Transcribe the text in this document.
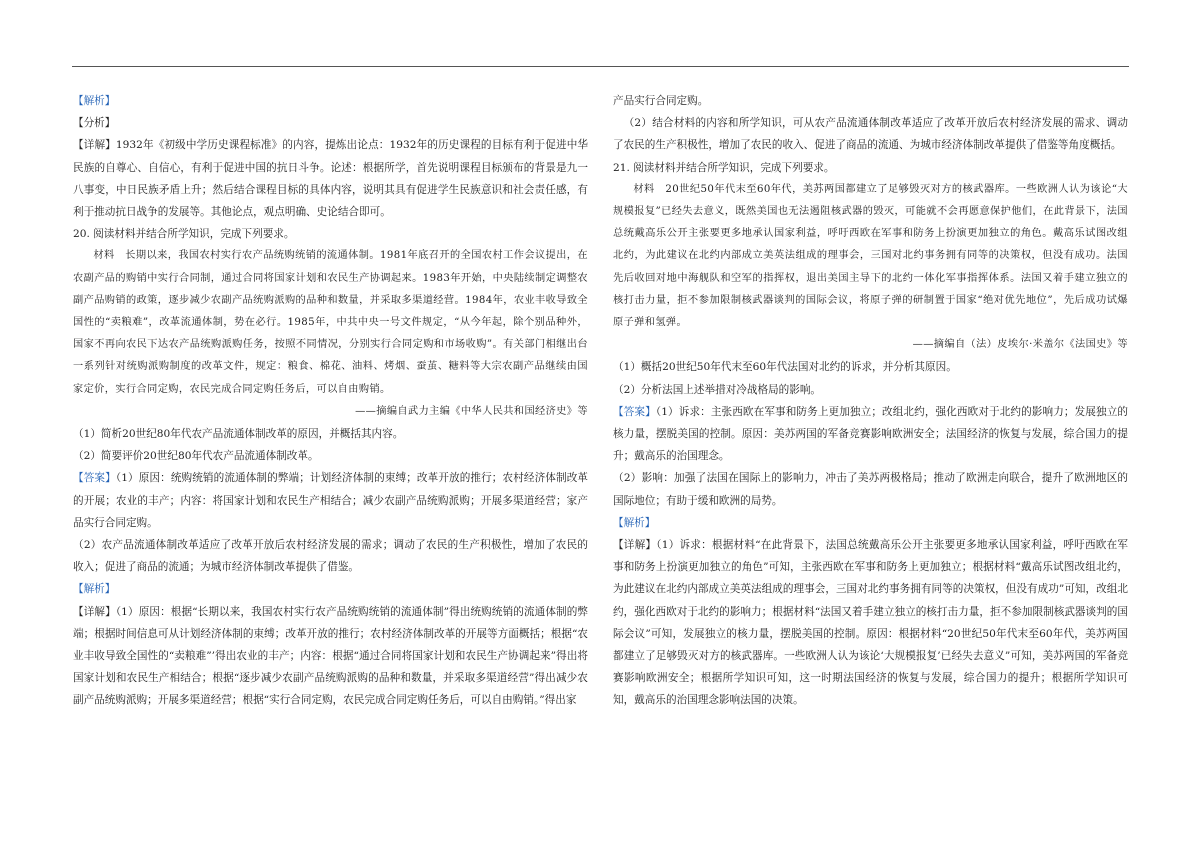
【解析】

【分析】

【详解】1932年《初级中学历史课程标准》的内容，提炼出论点：1932年的历史课程的目标有利于促进中华民族的自尊心、自信心，有利于促进中国的抗日斗争。论述：根据所学，首先说明课程目标颁布的背景是九一八事变，中日民族矛盾上升；然后结合课程目标的具体内容，说明其具有促进学生民族意识和社会责任感，有利于推动抗日战争的发展等。其他论点，观点明确、史论结合即可。

20. 阅读材料并结合所学知识，完成下列要求。

材料　长期以来，我国农村实行农产品统购统销的流通体制。1981年底召开的全国农村工作会议提出，在农副产品的购销中实行合同制，通过合同将国家计划和农民生产协调起来。1983年开始，中央陆续制定调整农副产品购销的政策，逐步减少农副产品统购派购的品种和数量，并采取多渠道经营。1984年，农业丰收导致全国性的“卖粮难”，改革流通体制，势在必行。1985年，中共中央一号文件规定，“从今年起，除个别品种外，国家不再向农民下达农产品统购派购任务，按照不同情况，分别实行合同定购和市场收购”。有关部门相继出台一系列针对统购派购制度的改革文件，规定：粮食、棉花、油料、烤烟、蚕茧、糖料等大宗农副产品继续由国家定价，实行合同定购，农民完成合同定购任务后，可以自由购销。

——摘编自武力主编《中华人民共和国经济史》等

（1）简析20世纪80年代农产品流通体制改革的原因，并概括其内容。

（2）简要评价20世纪80年代农产品流通体制改革。

【答案】（1）原因：统购统销的流通体制的弊端；计划经济体制的束缚；改革开放的推行；农村经济体制改革的开展；农业的丰产；内容：将国家计划和农民生产相结合；减少农副产品统购派购；开展多渠道经营；家产品实行合同定购。

（2）农产品流通体制改革适应了改革开放后农村经济发展的需求；调动了农民的生产积极性，增加了农民的收入；促进了商品的流通；为城市经济体制改革提供了借鉴。

【解析】

【详解】（1）原因：根据“长期以来，我国农村实行农产品统购统销的流通体制”得出统购统销的流通体制的弊端；根据时间信息可从计划经济体制的束缚；改革开放的推行；农村经济体制改革的开展等方面概括；根据“农业丰收导致全国性的“卖粮难”’得出农业的丰产；内容：根据“通过合同将国家计划和农民生产协调起来”得出将国家计划和农民生产相结合；根据“逐步减少农副产品统购派购的品种和数量，并采取多渠道经营”得出减少农副产品统购派购；开展多渠道经营；根据“实行合同定购，农民完成合同定购任务后，可以自由购销。”得出家

产品实行合同定购。

（2）结合材料的内容和所学知识，可从农产品流通体制改革适应了改革开放后农村经济发展的需求、调动了农民的生产积极性，增加了农民的收入、促进了商品的流通、为城市经济体制改革提供了借鉴等角度概括。

21. 阅读材料并结合所学知识，完成下列要求。

材料　20世纪50年代末至60年代，美苏两国都建立了足够毁灭对方的核武器库。一些欧洲人认为该论“大规模报复”已经失去意义，既然美国也无法遏阻核武器的毁灭，可能就不会再愿意保护他们，在此背景下，法国总统戴高乐公开主张要更多地承认国家利益，呼吁西欧在军事和防务上扮演更加独立的角色。戴高乐试图改组北约，为此建议在北约内部成立美英法组成的理事会，三国对北约事务拥有同等的决策权，但没有成功。法国先后收回对地中海舰队和空军的指挥权，退出美国主导下的北约一体化军事指挥体系。法国又着手建立独立的核打击力量，拒不参加限制核武器谈判的国际会议，将原子弹的研制置于国家“绝对优先地位”，先后成功试爆原子弹和氢弹。

——摘编自（法）皮埃尔·米盖尔《法国史》等

（1）概括20世纪50年代末至60年代法国对北约的诉求，并分析其原因。

（2）分析法国上述举措对冷战格局的影响。

【答案】（1）诉求：主张西欧在军事和防务上更加独立；改组北约，强化西欧对于北约的影响力；发展独立的核力量，摆脱美国的控制。原因：美苏两国的军备竞赛影响欧洲安全；法国经济的恢复与发展，综合国力的提升；戴高乐的治国理念。

（2）影响：加强了法国在国际上的影响力，冲击了美苏两极格局；推动了欧洲走向联合，提升了欧洲地区的国际地位；有助于缓和欧洲的局势。

【解析】

【详解】（1）诉求：根据材料“在此背景下，法国总统戴高乐公开主张要更多地承认国家利益，呼吁西欧在军事和防务上扮演更加独立的角色”可知，主张西欧在军事和防务上更加独立；根据材料“戴高乐试图改组北约，为此建议在北约内部成立美英法组成的理事会，三国对北约事务拥有同等的决策权，但没有成功”可知，改组北约，强化西欧对于北约的影响力；根据材料“法国又着手建立独立的核打击力量，拒不参加限制核武器谈判的国际会议”可知，发展独立的核力量，摆脱美国的控制。原因：根据材料“20世纪50年代末至60年代，美苏两国都建立了足够毁灭对方的核武器库。一些欧洲人认为该论‘大规模报复’已经失去意义”可知，美苏两国的军备竞赛影响欧洲安全；根据所学知识可知，这一时期法国经济的恢复与发展，综合国力的提升；根据所学知识可知，戴高乐的治国理念影响法国的决策。
